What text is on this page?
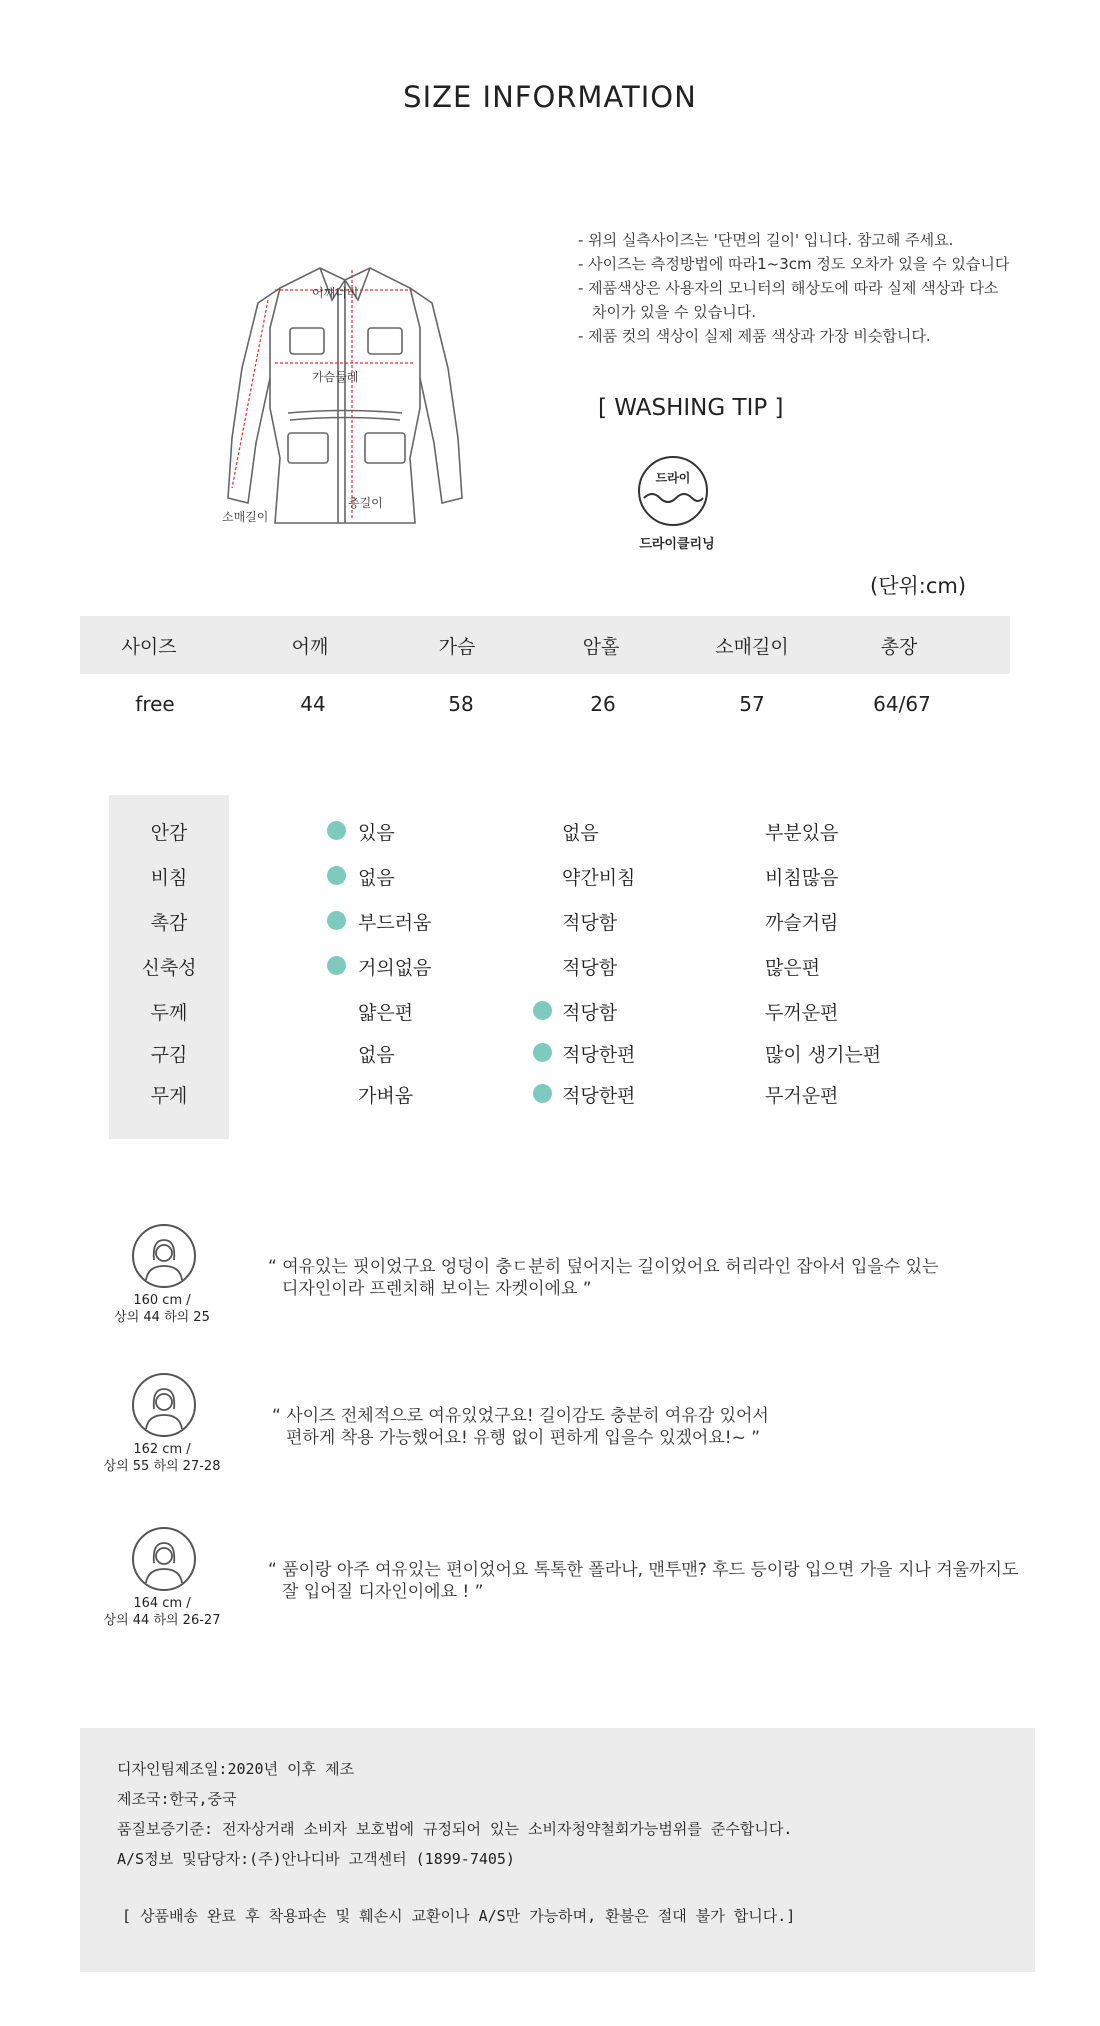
SIZE INFORMATION
어깨너비
가슴둘레
소매길이
총길이
- 위의 실측사이즈는 '단면의 길이' 입니다. 참고해 주세요.
- 사이즈는 측정방법에 따라1~3cm 정도 오차가 있을 수 있습니다
- 제품색상은 사용자의 모니터의 해상도에 따라 실제 색상과 다소
차이가 있을 수 있습니다.
- 제품 컷의 색상이 실제 제품 색상과 가장 비슷합니다.
[ WASHING TIP ]
드라이
드라이클리닝
(단위:cm)
사이즈	어깨	가슴	암홀	소매길이	총장
free	44	58	26	57	64/67
안감	있음	없음	부분있음
비침	없음	약간비침	비침많음
촉감	부드러움	적당함	까슬거림
신축성	거의없음	적당함	많은편
두께	얇은편	적당함	두꺼운편
구김	없음	적당한편	많이 생기는편
무게	가벼움	적당한편	무거운편
160 cm /
상의 44 하의 25
“ 여유있는 핏이었구요 엉덩이 충ㄷ분히 덮어지는 길이었어요 허리라인 잡아서 입을수 있는
디자인이라 프렌치해 보이는 자켓이에요 ”
162 cm /
상의 55 하의 27-28
“ 사이즈 전체적으로 여유있었구요! 길이감도 충분히 여유감 있어서
편하게 착용 가능했어요! 유행 없이 편하게 입을수 있겠어요!~ ”
164 cm /
상의 44 하의 26-27
“ 품이랑 아주 여유있는 편이었어요 톡톡한 폴라나, 맨투맨? 후드 등이랑 입으면 가을 지나 겨울까지도
잘 입어질 디자인이에요 ! ”
디자인팀제조일:2020년 이후 제조
제조국:한국,중국
품질보증기준: 전자상거래 소비자 보호법에 규정되어 있는 소비자청약철회가능범위를 준수합니다.
A/S정보 및담당자:(주)안나디바 고객센터 (1899-7405)
[ 상품배송 완료 후 착용파손 및 훼손시 교환이나 A/S만 가능하며, 환불은 절대 불가 합니다.]
